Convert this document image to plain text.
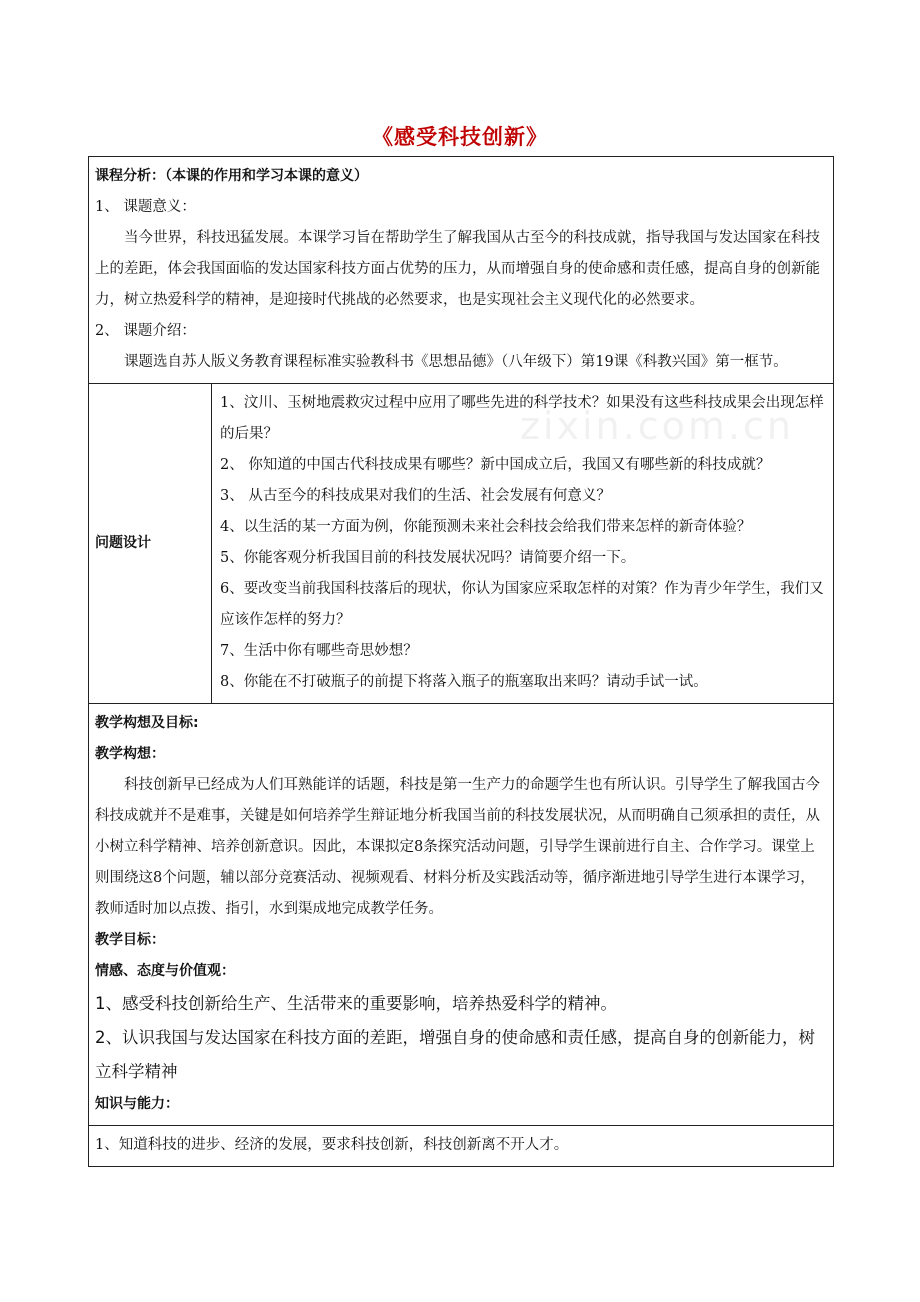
《感受科技创新》

课程分析：（本课的作用和学习本课的意义）

1、 课题意义：

当今世界，科技迅猛发展。本课学习旨在帮助学生了解我国从古至今的科技成就，指导我国与发达国家在科技上的差距，体会我国面临的发达国家科技方面占优势的压力，从而增强自身的使命感和责任感，提高自身的创新能力，树立热爱科学的精神，是迎接时代挑战的必然要求，也是实现社会主义现代化的必然要求。

2、 课题介绍：

课题选自苏人版义务教育课程标准实验教科书《思想品德》（八年级下）第19课《科教兴国》第一框节。

问题设计	

1、汶川、玉树地震救灾过程中应用了哪些先进的科学技术？如果没有这些科技成果会出现怎样的后果？

2、 你知道的中国古代科技成果有哪些？新中国成立后，我国又有哪些新的科技成就？

3、 从古至今的科技成果对我们的生活、社会发展有何意义？

4、以生活的某一方面为例，你能预测未来社会科技会给我们带来怎样的新奇体验？

5、你能客观分析我国目前的科技发展状况吗？请简要介绍一下。

6、要改变当前我国科技落后的现状，你认为国家应采取怎样的对策？作为青少年学生，我们又应该作怎样的努力？

7、生活中你有哪些奇思妙想？

8、你能在不打破瓶子的前提下将落入瓶子的瓶塞取出来吗？请动手试一试。

教学构想及目标:

教学构想：

科技创新早已经成为人们耳熟能详的话题，科技是第一生产力的命题学生也有所认识。引导学生了解我国古今科技成就并不是难事，关键是如何培养学生辩证地分析我国当前的科技发展状况，从而明确自己须承担的责任，从小树立科学精神、培养创新意识。因此，本课拟定8条探究活动问题，引导学生课前进行自主、合作学习。课堂上则围绕这8个问题，辅以部分竞赛活动、视频观看、材料分析及实践活动等，循序渐进地引导学生进行本课学习，教师适时加以点拨、指引，水到渠成地完成教学任务。

教学目标：

情感、态度与价值观：

1、感受科技创新给生产、生活带来的重要影响，培养热爱科学的精神。

2、认识我国与发达国家在科技方面的差距，增强自身的使命感和责任感，提高自身的创新能力，树立科学精神

知识与能力：

1、知道科技的进步、经济的发展，要求科技创新，科技创新离不开人才。

zixin.com.cn
